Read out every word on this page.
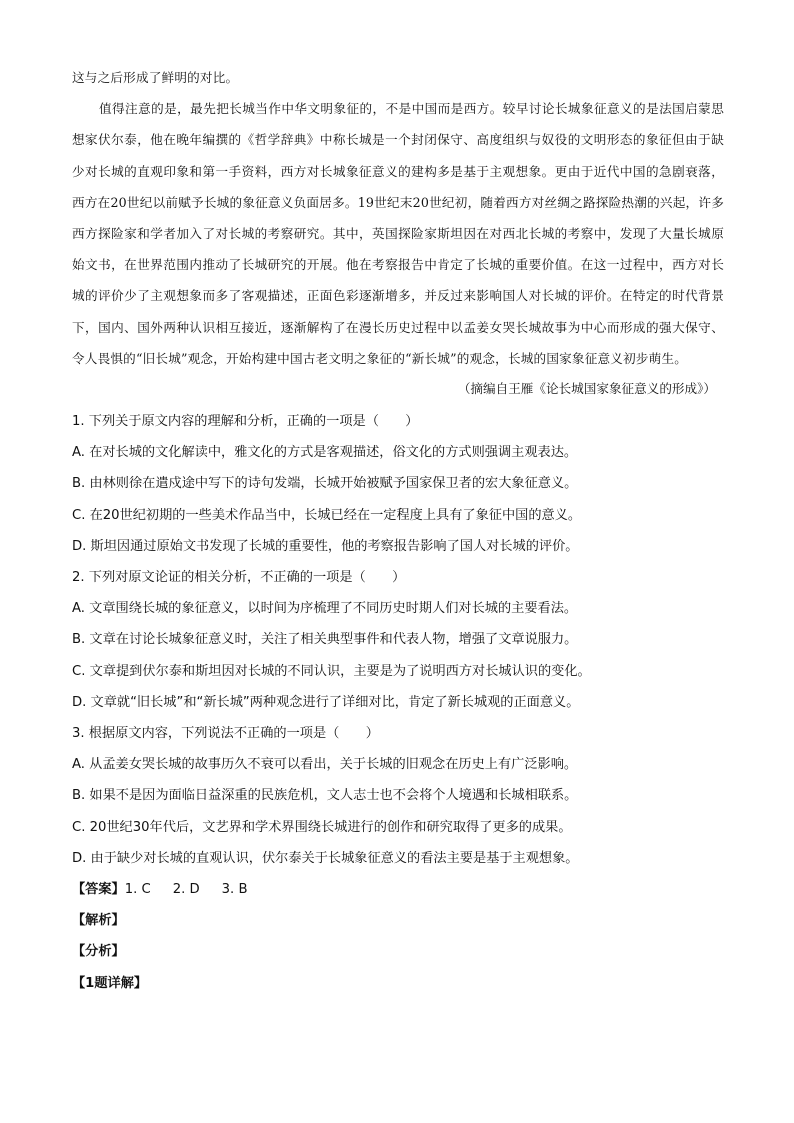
这与之后形成了鲜明的对比。

值得注意的是，最先把长城当作中华文明象征的，不是中国而是西方。较早讨论长城象征意义的是法国启蒙思想家伏尔泰，他在晚年编撰的《哲学辞典》中称长城是一个封闭保守、高度组织与奴役的文明形态的象征但由于缺少对长城的直观印象和第一手资料，西方对长城象征意义的建构多是基于主观想象。更由于近代中国的急剧衰落，西方在20世纪以前赋予长城的象征意义负面居多。19世纪末20世纪初，随着西方对丝绸之路探险热潮的兴起，许多西方探险家和学者加入了对长城的考察研究。其中，英国探险家斯坦因在对西北长城的考察中，发现了大量长城原始文书，在世界范围内推动了长城研究的开展。他在考察报告中肯定了长城的重要价值。在这一过程中，西方对长城的评价少了主观想象而多了客观描述，正面色彩逐渐增多，并反过来影响国人对长城的评价。在特定的时代背景下，国内、国外两种认识相互接近，逐渐解构了在漫长历史过程中以孟姜女哭长城故事为中心而形成的强大保守、令人畏惧的“旧长城”观念，开始构建中国古老文明之象征的“新长城”的观念，长城的国家象征意义初步萌生。

（摘编自王雁《论长城国家象征意义的形成》）

1. 下列关于原文内容的理解和分析，正确的一项是（　　）

A. 在对长城的文化解读中，雅文化的方式是客观描述，俗文化的方式则强调主观表达。

B. 由林则徐在遣戍途中写下的诗句发端，长城开始被赋予国家保卫者的宏大象征意义。

C. 在20世纪初期的一些美术作品当中，长城已经在一定程度上具有了象征中国的意义。

D. 斯坦因通过原始文书发现了长城的重要性，他的考察报告影响了国人对长城的评价。

2. 下列对原文论证的相关分析，不正确的一项是（　　）

A. 文章围绕长城的象征意义，以时间为序梳理了不同历史时期人们对长城的主要看法。

B. 文章在讨论长城象征意义时，关注了相关典型事件和代表人物，增强了文章说服力。

C. 文章提到伏尔泰和斯坦因对长城的不同认识，主要是为了说明西方对长城认识的变化。

D. 文章就“旧长城”和“新长城”两种观念进行了详细对比，肯定了新长城观的正面意义。

3. 根据原文内容，下列说法不正确的一项是（　　）

A. 从孟姜女哭长城的故事历久不衰可以看出，关于长城的旧观念在历史上有广泛影响。

B. 如果不是因为面临日益深重的民族危机，文人志士也不会将个人境遇和长城相联系。

C. 20世纪30年代后，文艺界和学术界围绕长城进行的创作和研究取得了更多的成果。

D. 由于缺少对长城的直观认识，伏尔泰关于长城象征意义的看法主要是基于主观想象。

【答案】1. C 2. D 3. B

【解析】

【分析】

【1题详解】
